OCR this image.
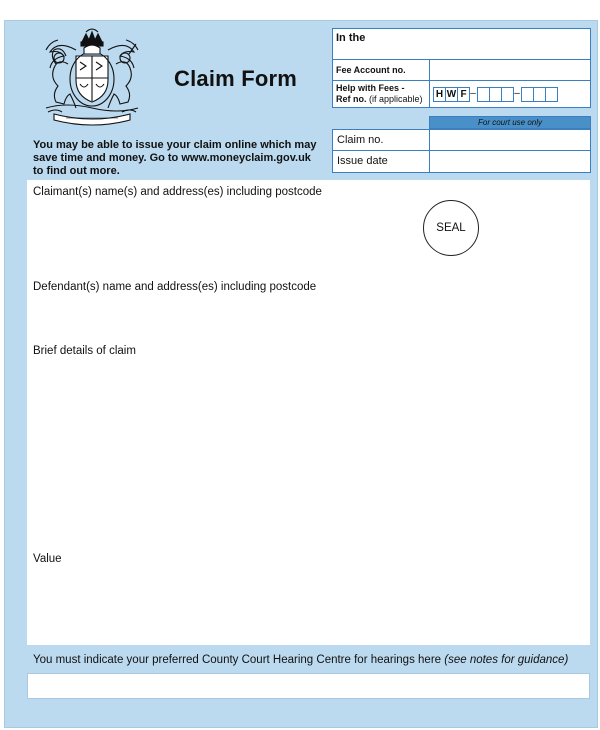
Claim Form
You may be able to issue your claim online which may
save time and money. Go to www.moneyclaim.gov.uk
to find out more.
In the
Fee Account no.
Help with Fees -
Ref no. (if applicable)	H W F –	–
For court use only
Claim no.
Issue date
Claimant(s) name(s) and address(es) including postcode
SEAL
Defendant(s) name and address(es) including postcode
Brief details of claim
Value
You must indicate your preferred County Court Hearing Centre for hearings here (see notes for guidance)
